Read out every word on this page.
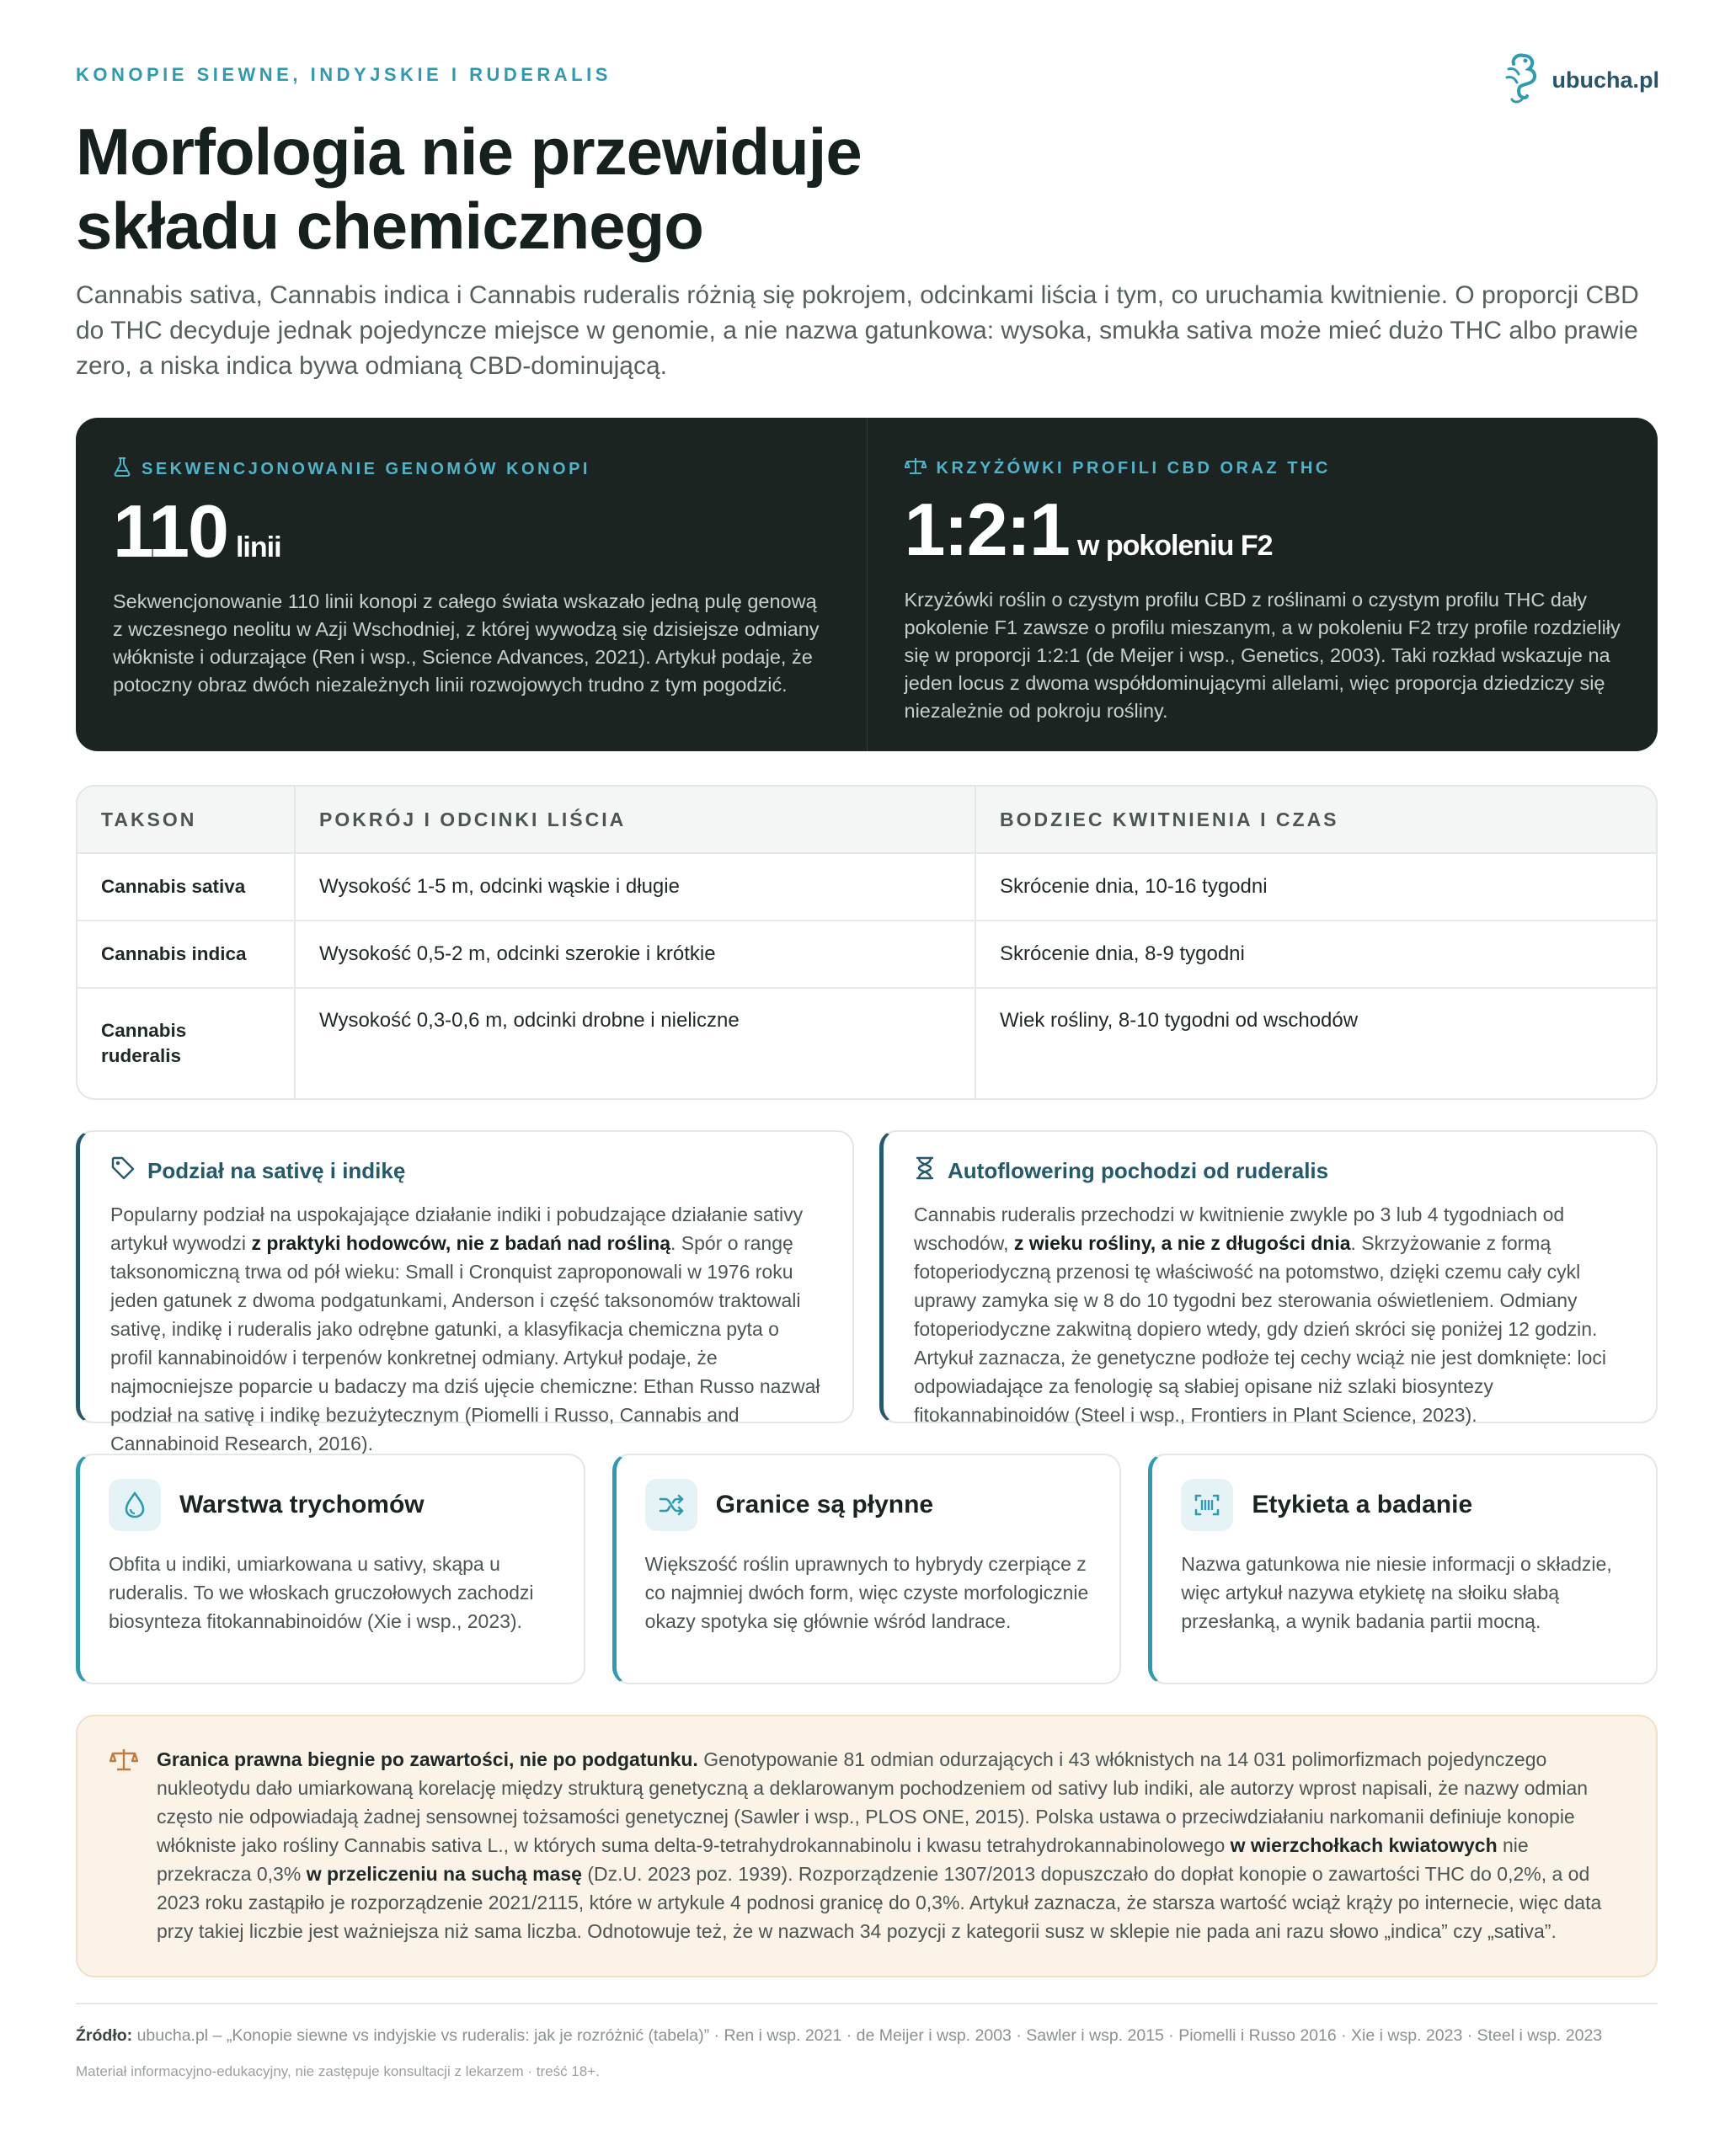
KONOPIE SIEWNE, INDYJSKIE I RUDERALIS	ubucha.pl
Morfologia nie przewiduje
składu chemicznego

Cannabis sativa, Cannabis indica i Cannabis ruderalis różnią się pokrojem, odcinkami liścia i tym, co uruchamia kwitnienie. O proporcji CBD do THC decyduje jednak pojedyncze miejsce w genomie, a nie nazwa gatunkowa: wysoka, smukła sativa może mieć dużo THC albo prawie zero, a niska indica bywa odmianą CBD‑dominującą.

SEKWENCJONOWANIE GENOMÓW KONOPI
110 linii
Sekwencjonowanie 110 linii konopi z całego świata wskazało jedną pulę genową z wczesnego neolitu w Azji Wschodniej, z której wywodzą się dzisiejsze odmiany włókniste i odurzające (Ren i wsp., Science Advances, 2021). Artykuł podaje, że potoczny obraz dwóch niezależnych linii rozwojowych trudno z tym pogodzić.
KRZYŻÓWKI PROFILI CBD ORAZ THC
1:2:1 w pokoleniu F2
Krzyżówki roślin o czystym profilu CBD z roślinami o czystym profilu THC dały pokolenie F1 zawsze o profilu mieszanym, a w pokoleniu F2 trzy profile rozdzieliły się w proporcji 1:2:1 (de Meijer i wsp., Genetics, 2003). Taki rozkład wskazuje na jeden locus z dwoma współdominującymi allelami, więc proporcja dziedziczy się niezależnie od pokroju rośliny.
TAKSON	POKRÓJ I ODCINKI LIŚCIA	BODZIEC KWITNIENIA I CZAS
Cannabis sativa	Wysokość 1‑5 m, odcinki wąskie i długie	Skrócenie dnia, 10‑16 tygodni
Cannabis indica	Wysokość 0,5‑2 m, odcinki szerokie i krótkie	Skrócenie dnia, 8‑9 tygodni
Cannabis ruderalis	Wysokość 0,3‑0,6 m, odcinki drobne i nieliczne	Wiek rośliny, 8‑10 tygodni od wschodów
Podział na sativę i indikę
Popularny podział na uspokajające działanie indiki i pobudzające działanie sativy artykuł wywodzi z praktyki hodowców, nie z badań nad rośliną. Spór o rangę taksonomiczną trwa od pół wieku: Small i Cronquist zaproponowali w 1976 roku jeden gatunek z dwoma podgatunkami, Anderson i część taksonomów traktowali sativę, indikę i ruderalis jako odrębne gatunki, a klasyfikacja chemiczna pyta o profil kannabinoidów i terpenów konkretnej odmiany. Artykuł podaje, że najmocniejsze poparcie u badaczy ma dziś ujęcie chemiczne: Ethan Russo nazwał podział na sativę i indikę bezużytecznym (Piomelli i Russo, Cannabis and Cannabinoid Research, 2016).
Autoflowering pochodzi od ruderalis
Cannabis ruderalis przechodzi w kwitnienie zwykle po 3 lub 4 tygodniach od wschodów, z wieku rośliny, a nie z długości dnia. Skrzyżowanie z formą fotoperiodyczną przenosi tę właściwość na potomstwo, dzięki czemu cały cykl uprawy zamyka się w 8 do 10 tygodni bez sterowania oświetleniem. Odmiany fotoperiodyczne zakwitną dopiero wtedy, gdy dzień skróci się poniżej 12 godzin. Artykuł zaznacza, że genetyczne podłoże tej cechy wciąż nie jest domknięte: loci odpowiadające za fenologię są słabiej opisane niż szlaki biosyntezy fitokannabinoidów (Steel i wsp., Frontiers in Plant Science, 2023).
Warstwa trychomów
Obfita u indiki, umiarkowana u sativy, skąpa u ruderalis. To we włoskach gruczołowych zachodzi biosynteza fitokannabinoidów (Xie i wsp., 2023).
Granice są płynne
Większość roślin uprawnych to hybrydy czerpiące z co najmniej dwóch form, więc czyste morfologicznie okazy spotyka się głównie wśród landrace.
Etykieta a badanie
Nazwa gatunkowa nie niesie informacji o składzie, więc artykuł nazywa etykietę na słoiku słabą przesłanką, a wynik badania partii mocną.
Granica prawna biegnie po zawartości, nie po podgatunku. Genotypowanie 81 odmian odurzających i 43 włóknistych na 14 031 polimorfizmach pojedynczego nukleotydu dało umiarkowaną korelację między strukturą genetyczną a deklarowanym pochodzeniem od sativy lub indiki, ale autorzy wprost napisali, że nazwy odmian często nie odpowiadają żadnej sensownej tożsamości genetycznej (Sawler i wsp., PLOS ONE, 2015). Polska ustawa o przeciwdziałaniu narkomanii definiuje konopie włókniste jako rośliny Cannabis sativa L., w których suma delta‑9‑tetrahydrokannabinolu i kwasu tetrahydrokannabinolowego w wierzchołkach kwiatowych nie przekracza 0,3% w przeliczeniu na suchą masę (Dz.U. 2023 poz. 1939). Rozporządzenie 1307/2013 dopuszczało do dopłat konopie o zawartości THC do 0,2%, a od 2023 roku zastąpiło je rozporządzenie 2021/2115, które w artykule 4 podnosi granicę do 0,3%. Artykuł zaznacza, że starsza wartość wciąż krąży po internecie, więc data przy takiej liczbie jest ważniejsza niż sama liczba. Odnotowuje też, że w nazwach 34 pozycji z kategorii susz w sklepie nie pada ani razu słowo „indica” czy „sativa”.
Źródło: ubucha.pl – „Konopie siewne vs indyjskie vs ruderalis: jak je rozróżnić (tabela)” · Ren i wsp. 2021 · de Meijer i wsp. 2003 · Sawler i wsp. 2015 · Piomelli i Russo 2016 · Xie i wsp. 2023 · Steel i wsp. 2023
Materiał informacyjno‑edukacyjny, nie zastępuje konsultacji z lekarzem · treść 18+.
